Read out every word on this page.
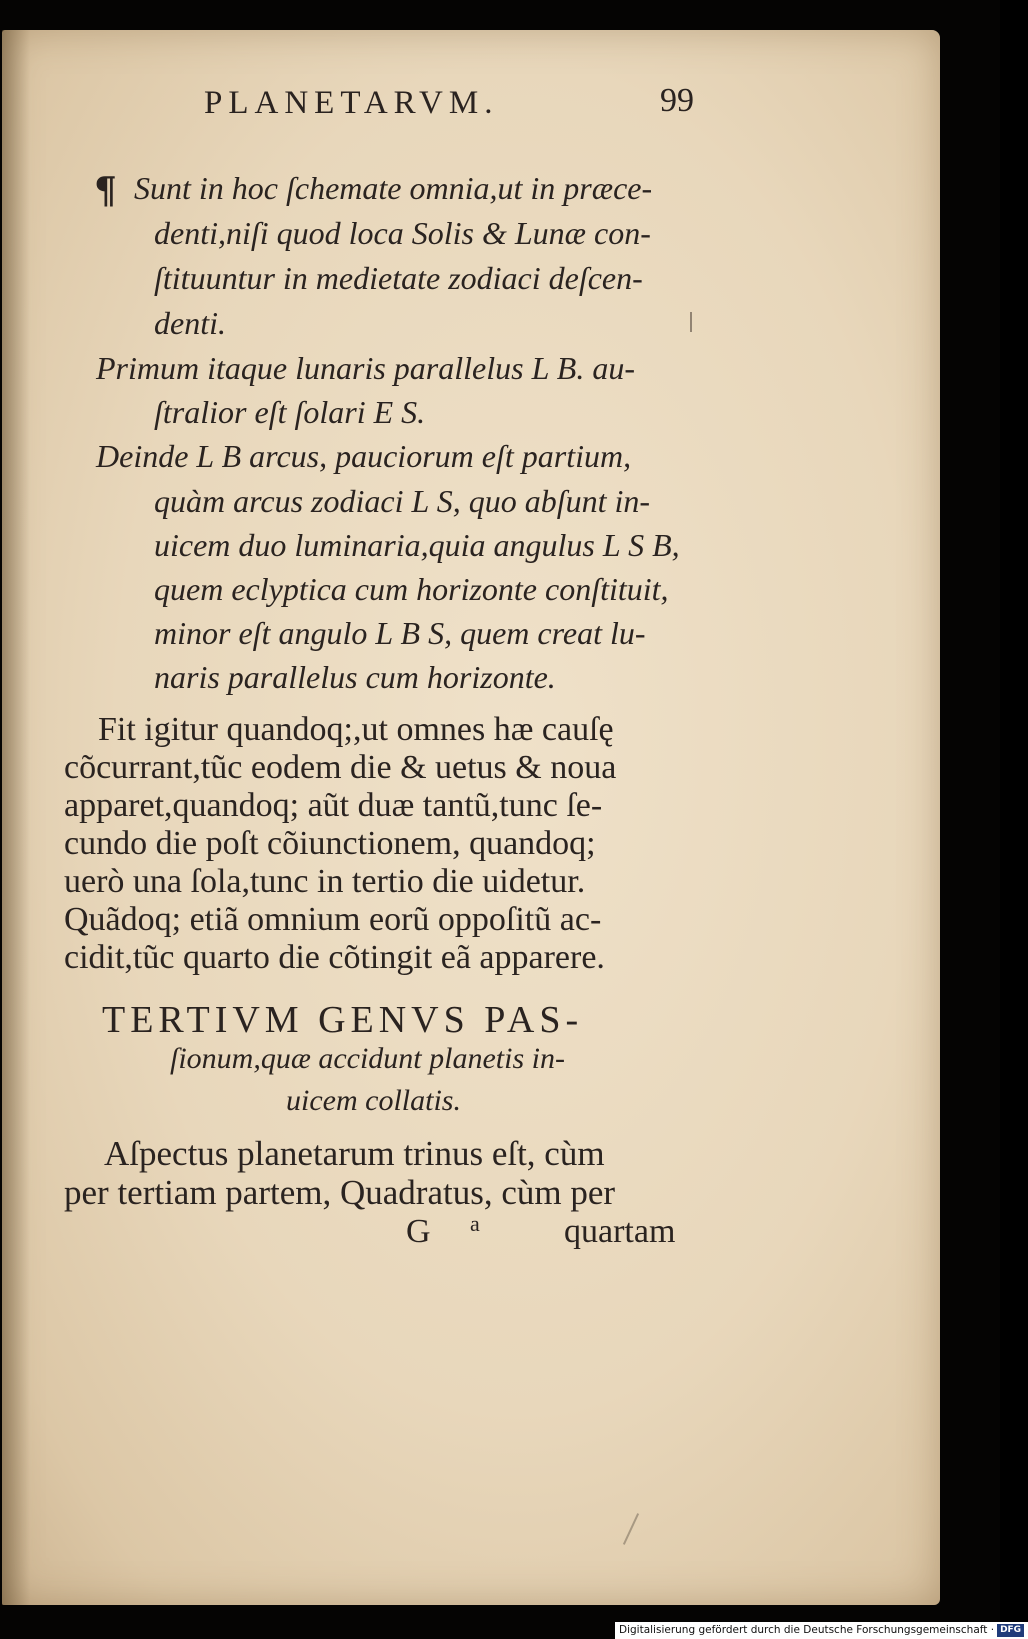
PLANETARVM.	99
¶ Sunt in hoc ſchemate omnia,ut in præce-
denti,niſi quod loca Solis & Lunæ con-
ſtituuntur in medietate zodiaci deſcen-
denti.
Primum itaque lunaris parallelus L B. au-
ſtralior eſt ſolari E S.
Deinde L B arcus, pauciorum eſt partium,
quàm arcus zodiaci L S, quo abſunt in-
uicem duo luminaria,quia angulus L S B,
quem eclyptica cum horizonte conſtituit,
minor eſt angulo L B S, quem creat lu-
naris parallelus cum horizonte.
Fit igitur quandoq;,ut omnes hæ cauſę
cõcurrant,tũc eodem die & uetus & noua
apparet,quandoq; aũt duæ tantũ,tunc ſe-
cundo die poſt cõiunctionem, quandoq;
uerò una ſola,tunc in tertio die uidetur.
Quãdoq; etiã omnium eorũ oppoſitũ ac-
cidit,tũc quarto die cõtingit eã apparere.
TERTIVM GENVS PAS-
ſionum,quæ accidunt planetis in-
uicem collatis.
Aſpectus planetarum trinus eſt, cùm
per tertiam partem, Quadratus, cùm per
G a quartam
Digitalisierung gefördert durch die Deutsche Forschungsgemeinschaft · DFG
